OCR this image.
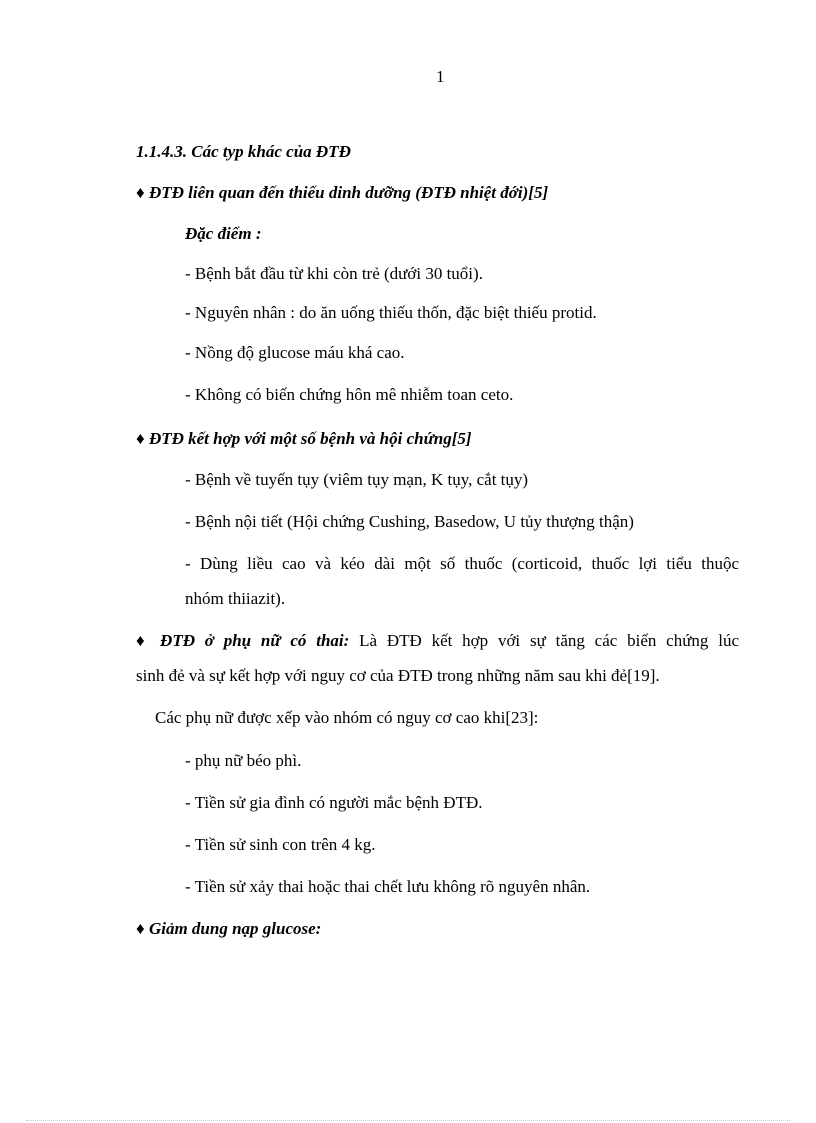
1
1.1.4.3. Các typ khác của ĐTĐ
♦ ĐTĐ liên quan đến thiếu dinh dưỡng (ĐTĐ nhiệt đới)[5]
Đặc điểm :
- Bệnh bắt đầu từ khi còn trẻ (dưới 30 tuổi).
- Nguyên nhân : do ăn uống thiếu thốn, đặc biệt thiếu protid.
- Nồng độ glucose máu khá cao.
- Không có biến chứng hôn mê nhiễm toan ceto.
♦ ĐTĐ kết hợp với một số bệnh và hội chứng[5]
- Bệnh về tuyến tụy (viêm tụy mạn, K tụy, cắt tụy)
- Bệnh nội tiết (Hội chứng Cushing, Basedow, U tủy thượng thận)
- Dùng liều cao và kéo dài một số thuốc (corticoid, thuốc lợi tiểu thuộc
nhóm thiiazit).
♦ ĐTĐ ở phụ nữ có thai: Là ĐTĐ kết hợp với sự tăng các biến chứng lúc
sinh đẻ và sự kết hợp với nguy cơ của ĐTĐ trong những năm sau khi đẻ[19].
Các phụ nữ được xếp vào nhóm có nguy cơ cao khi[23]:
- phụ nữ béo phì.
- Tiền sử gia đình có người mắc bệnh ĐTĐ.
- Tiền sử sinh con trên 4 kg.
- Tiền sử xảy thai hoặc thai chết lưu không rõ nguyên nhân.
♦ Giảm dung nạp glucose:
